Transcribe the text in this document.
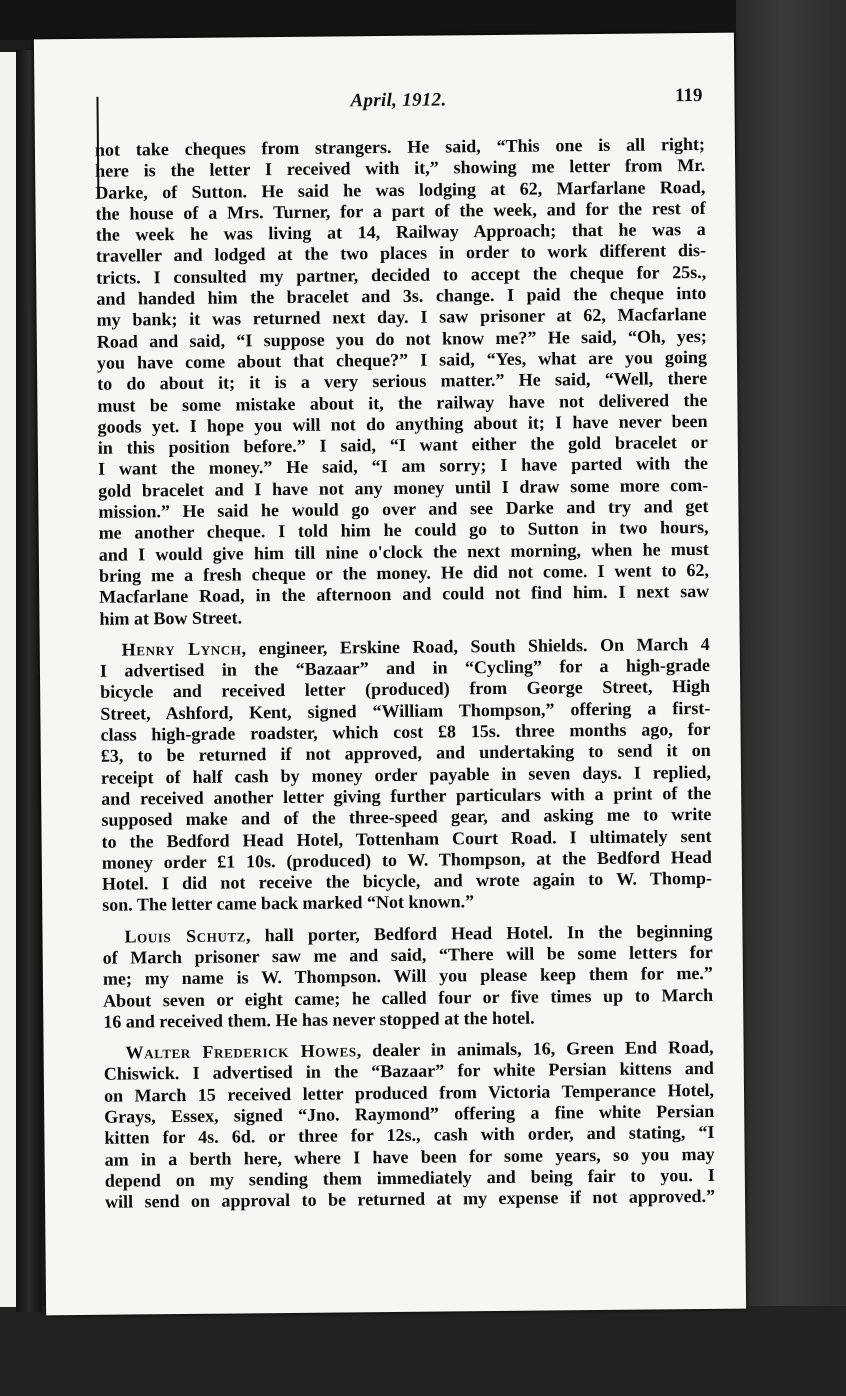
April, 1912.	119
not take cheques from strangers. He said, “This one is all right;
here is the letter I received with it,” showing me letter from Mr.
Darke, of Sutton. He said he was lodging at 62, Marfarlane Road,
the house of a Mrs. Turner, for a part of the week, and for the rest of
the week he was living at 14, Railway Approach; that he was a
traveller and lodged at the two places in order to work different dis-
tricts. I consulted my partner, decided to accept the cheque for 25s.,
and handed him the bracelet and 3s. change. I paid the cheque into
my bank; it was returned next day. I saw prisoner at 62, Macfarlane
Road and said, “I suppose you do not know me?” He said, “Oh, yes;
you have come about that cheque?” I said, “Yes, what are you going
to do about it; it is a very serious matter.” He said, “Well, there
must be some mistake about it, the railway have not delivered the
goods yet. I hope you will not do anything about it; I have never been
in this position before.” I said, “I want either the gold bracelet or
I want the money.” He said, “I am sorry; I have parted with the
gold bracelet and I have not any money until I draw some more com-
mission.” He said he would go over and see Darke and try and get
me another cheque. I told him he could go to Sutton in two hours,
and I would give him till nine o'clock the next morning, when he must
bring me a fresh cheque or the money. He did not come. I went to 62,
Macfarlane Road, in the afternoon and could not find him. I next saw
him at Bow Street.
Henry Lynch, engineer, Erskine Road, South Shields. On March 4
I advertised in the “Bazaar” and in “Cycling” for a high-grade
bicycle and received letter (produced) from George Street, High
Street, Ashford, Kent, signed “William Thompson,” offering a first-
class high-grade roadster, which cost £8 15s. three months ago, for
£3, to be returned if not approved, and undertaking to send it on
receipt of half cash by money order payable in seven days. I replied,
and received another letter giving further particulars with a print of the
supposed make and of the three-speed gear, and asking me to write
to the Bedford Head Hotel, Tottenham Court Road. I ultimately sent
money order £1 10s. (produced) to W. Thompson, at the Bedford Head
Hotel. I did not receive the bicycle, and wrote again to W. Thomp-
son. The letter came back marked “Not known.”
Louis Schutz, hall porter, Bedford Head Hotel. In the beginning
of March prisoner saw me and said, “There will be some letters for
me; my name is W. Thompson. Will you please keep them for me.”
About seven or eight came; he called four or five times up to March
16 and received them. He has never stopped at the hotel.
Walter Frederick Howes, dealer in animals, 16, Green End Road,
Chiswick. I advertised in the “Bazaar” for white Persian kittens and
on March 15 received letter produced from Victoria Temperance Hotel,
Grays, Essex, signed “Jno. Raymond” offering a fine white Persian
kitten for 4s. 6d. or three for 12s., cash with order, and stating, “I
am in a berth here, where I have been for some years, so you may
depend on my sending them immediately and being fair to you. I
will send on approval to be returned at my expense if not approved.”
